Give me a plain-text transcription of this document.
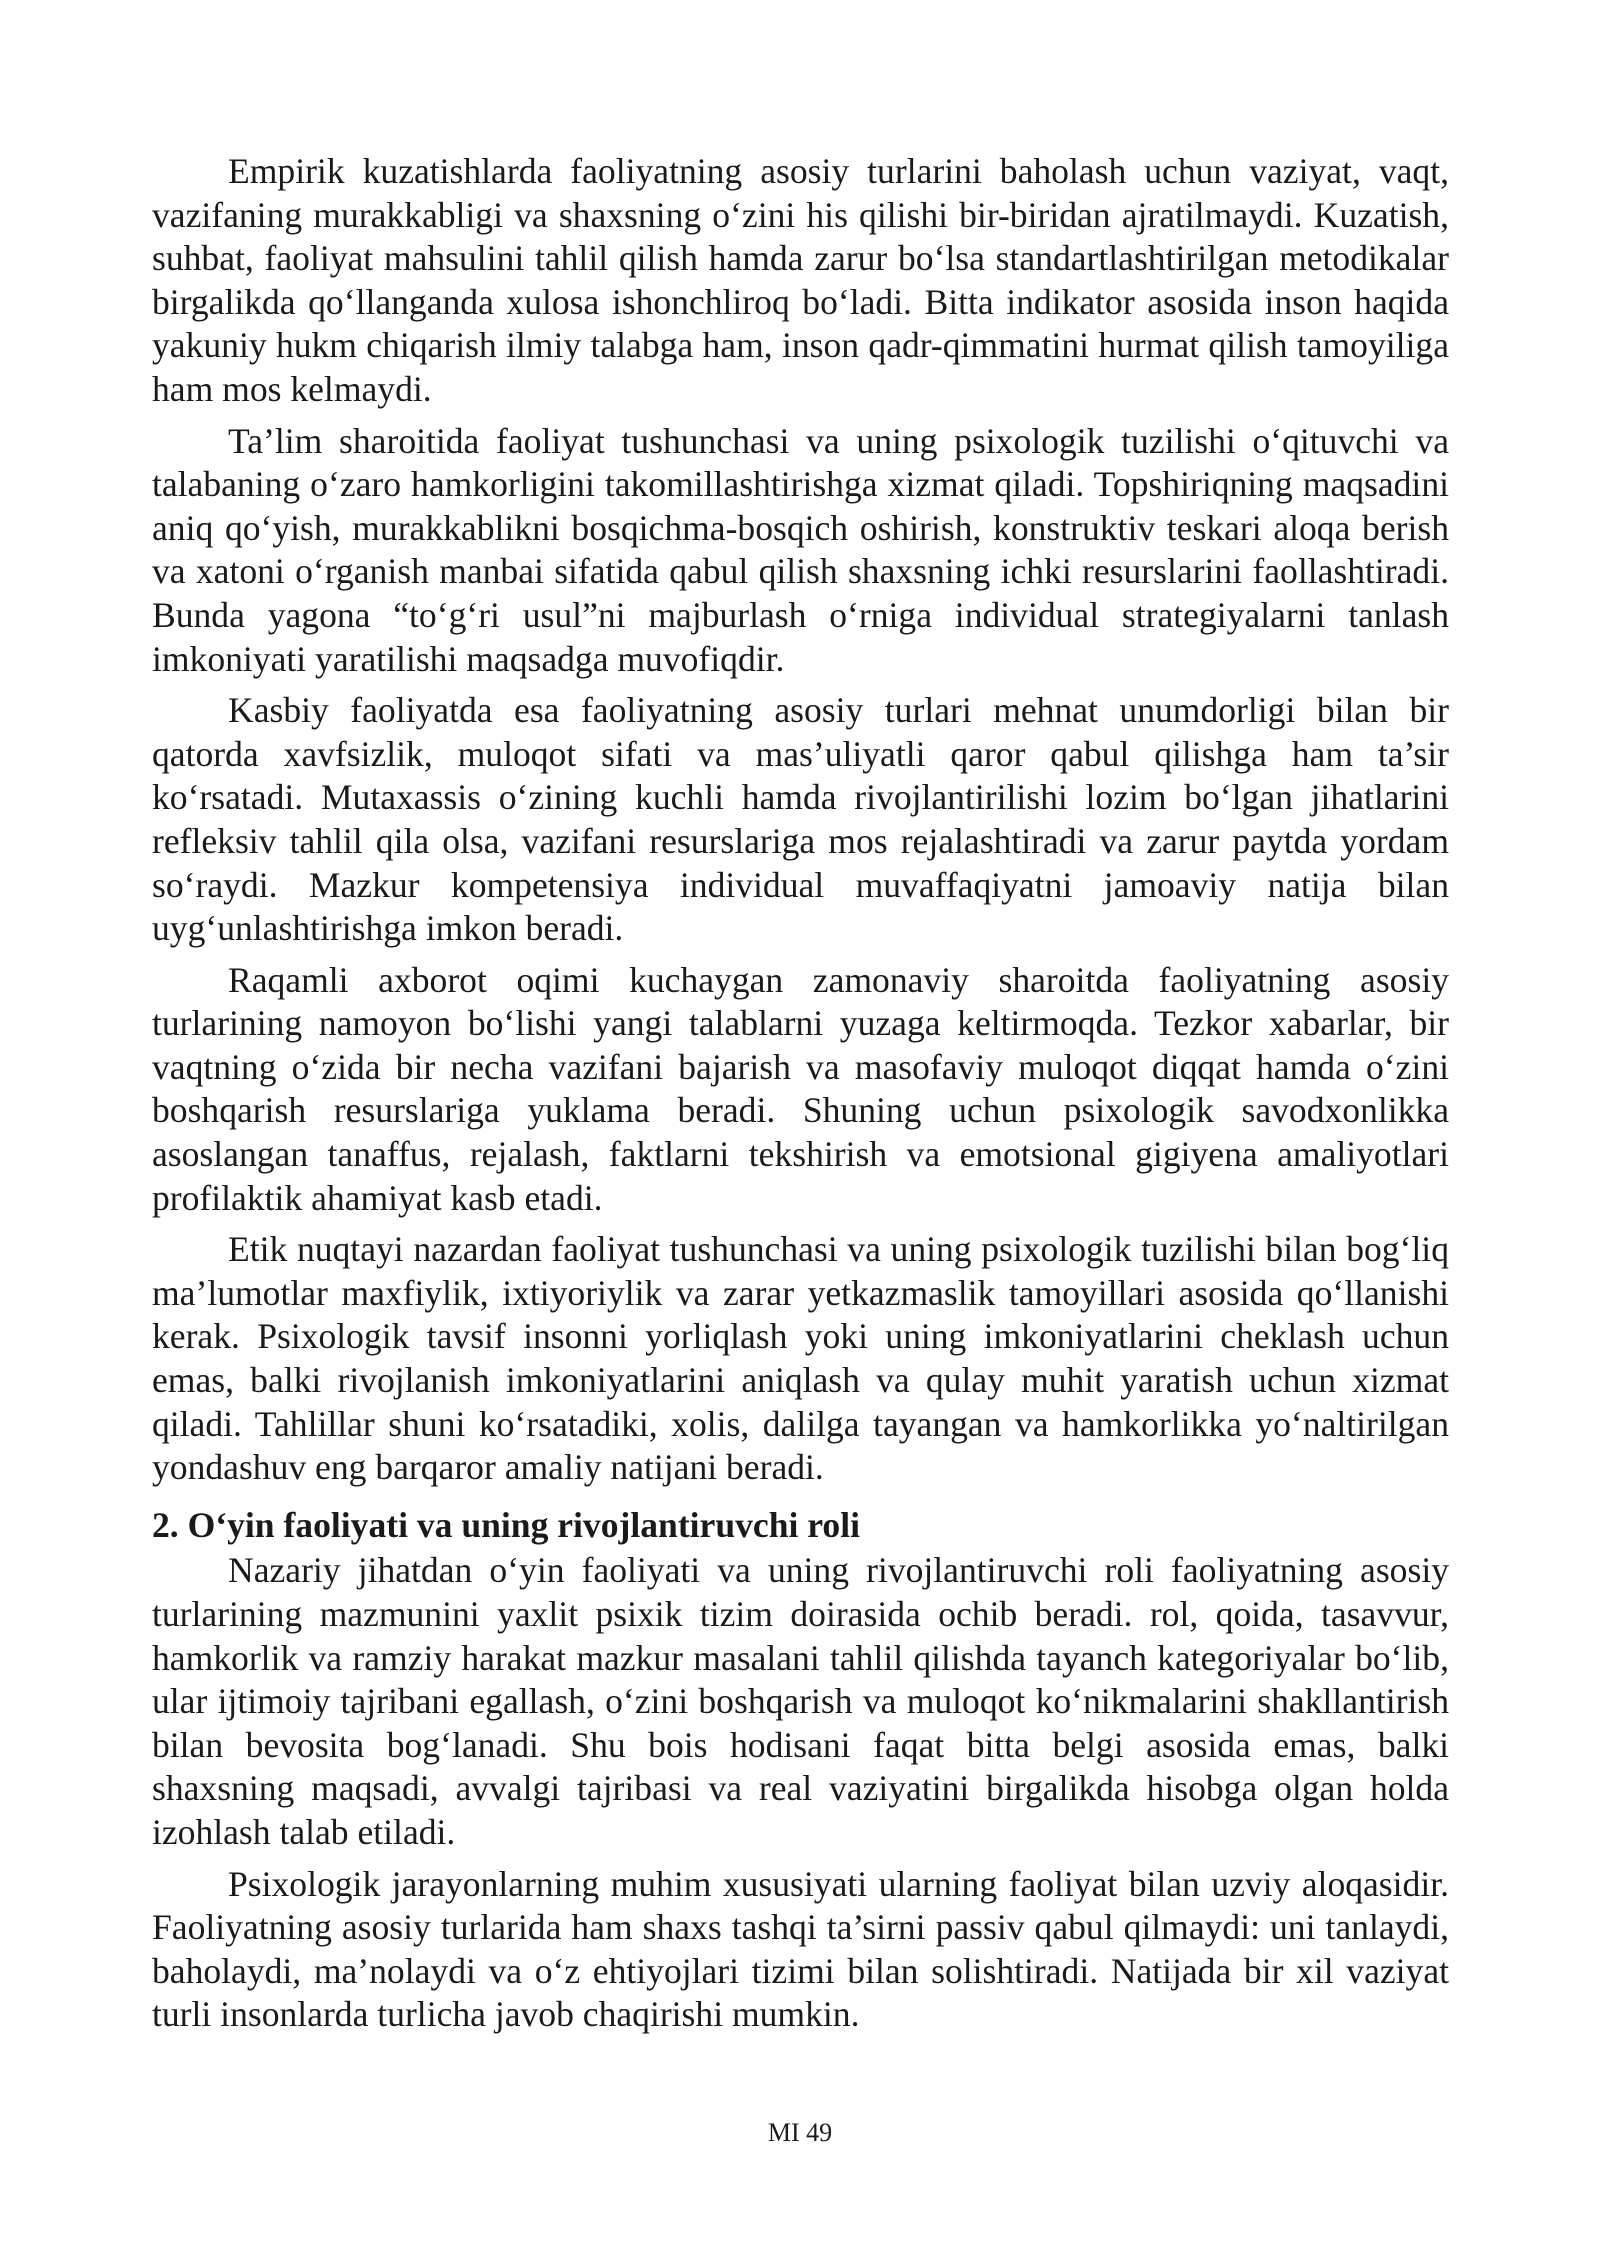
Empirik kuzatishlarda faoliyatning asosiy turlarini baholash uchun vaziyat, vaqt, vazifaning murakkabligi va shaxsning o‘zini his qilishi bir-biridan ajratilmaydi. Kuzatish, suhbat, faoliyat mahsulini tahlil qilish hamda zarur bo‘lsa standartlashtirilgan metodikalar birgalikda qo‘llanganda xulosa ishonchliroq bo‘ladi. Bitta indikator asosida inson haqida yakuniy hukm chiqarish ilmiy talabga ham, inson qadr-qimmatini hurmat qilish tamoyiliga ham mos kelmaydi.

Ta’lim sharoitida faoliyat tushunchasi va uning psixologik tuzilishi o‘qituvchi va talabaning o‘zaro hamkorligini takomillashtirishga xizmat qiladi. Topshiriqning maqsadini aniq qo‘yish, murakkablikni bosqichma-bosqich oshirish, konstruktiv teskari aloqa berish va xatoni o‘rganish manbai sifatida qabul qilish shaxsning ichki resurslarini faollashtiradi. Bunda yagona “to‘g‘ri usul”ni majburlash o‘rniga individual strategiyalarni tanlash imkoniyati yaratilishi maqsadga muvofiqdir.

Kasbiy faoliyatda esa faoliyatning asosiy turlari mehnat unumdorligi bilan bir qatorda xavfsizlik, muloqot sifati va mas’uliyatli qaror qabul qilishga ham ta’sir ko‘rsatadi. Mutaxassis o‘zining kuchli hamda rivojlantirilishi lozim bo‘lgan jihatlarini refleksiv tahlil qila olsa, vazifani resurslariga mos rejalashtiradi va zarur paytda yordam so‘raydi. Mazkur kompetensiya individual muvaffaqiyatni jamoaviy natija bilan uyg‘unlashtirishga imkon beradi.

Raqamli axborot oqimi kuchaygan zamonaviy sharoitda faoliyatning asosiy turlarining namoyon bo‘lishi yangi talablarni yuzaga keltirmoqda. Tezkor xabarlar, bir vaqtning o‘zida bir necha vazifani bajarish va masofaviy muloqot diqqat hamda o‘zini boshqarish resurslariga yuklama beradi. Shuning uchun psixologik savodxonlikka asoslangan tanaffus, rejalash, faktlarni tekshirish va emotsional gigiyena amaliyotlari profilaktik ahamiyat kasb etadi.

Etik nuqtayi nazardan faoliyat tushunchasi va uning psixologik tuzilishi bilan bog‘liq ma’lumotlar maxfiylik, ixtiyoriylik va zarar yetkazmaslik tamoyillari asosida qo‘llanishi kerak. Psixologik tavsif insonni yorliqlash yoki uning imkoniyatlarini cheklash uchun emas, balki rivojlanish imkoniyatlarini aniqlash va qulay muhit yaratish uchun xizmat qiladi. Tahlillar shuni ko‘rsatadiki, xolis, dalilga tayangan va hamkorlikka yo‘naltirilgan yondashuv eng barqaror amaliy natijani beradi.

2. O‘yin faoliyati va uning rivojlantiruvchi roli

Nazariy jihatdan o‘yin faoliyati va uning rivojlantiruvchi roli faoliyatning asosiy turlarining mazmunini yaxlit psixik tizim doirasida ochib beradi. rol, qoida, tasavvur, hamkorlik va ramziy harakat mazkur masalani tahlil qilishda tayanch kategoriyalar bo‘lib, ular ijtimoiy tajribani egallash, o‘zini boshqarish va muloqot ko‘nikmalarini shakllantirish bilan bevosita bog‘lanadi. Shu bois hodisani faqat bitta belgi asosida emas, balki shaxsning maqsadi, avvalgi tajribasi va real vaziyatini birgalikda hisobga olgan holda izohlash talab etiladi.

Psixologik jarayonlarning muhim xususiyati ularning faoliyat bilan uzviy aloqasidir. Faoliyatning asosiy turlarida ham shaxs tashqi ta’sirni passiv qabul qilmaydi: uni tanlaydi, baholaydi, ma’nolaydi va o‘z ehtiyojlari tizimi bilan solishtiradi. Natijada bir xil vaziyat turli insonlarda turlicha javob chaqirishi mumkin.

MI 49
